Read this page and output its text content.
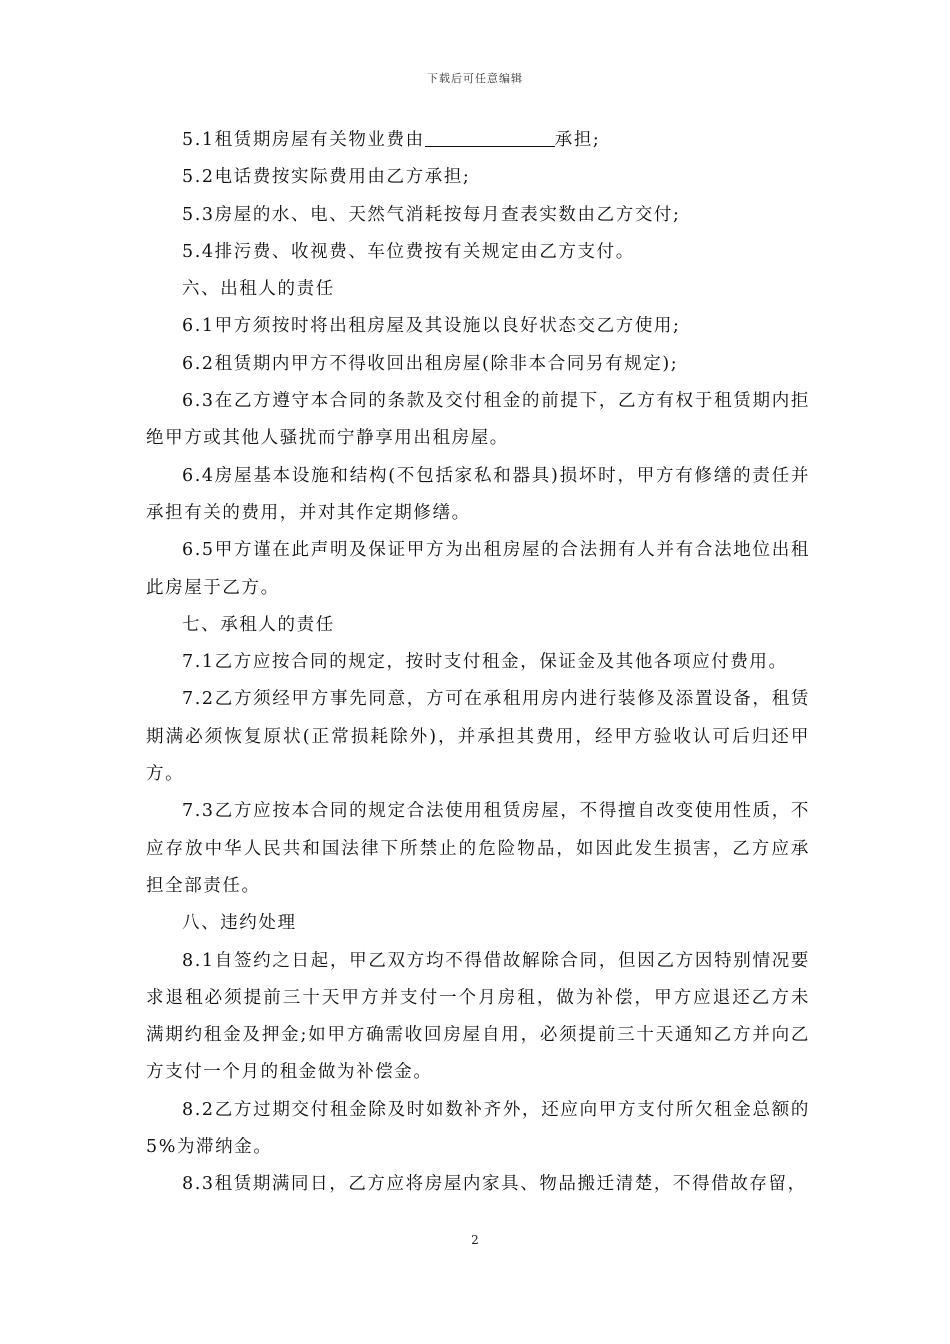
下载后可任意编辑

5.1租赁期房屋有关物业费由	承担;

5.2电话费按实际费用由乙方承担;

5.3房屋的水、电、天然气消耗按每月查表实数由乙方交付;

5.4排污费、收视费、车位费按有关规定由乙方支付。

六、出租人的责任

6.1甲方须按时将出租房屋及其设施以良好状态交乙方使用;

6.2租赁期内甲方不得收回出租房屋(除非本合同另有规定);

6.3在乙方遵守本合同的条款及交付租金的前提下，乙方有权于租赁期内拒绝甲方或其他人骚扰而宁静享用出租房屋。

6.4房屋基本设施和结构(不包括家私和器具)损坏时，甲方有修缮的责任并承担有关的费用，并对其作定期修缮。

6.5甲方谨在此声明及保证甲方为出租房屋的合法拥有人并有合法地位出租此房屋于乙方。

七、承租人的责任

7.1乙方应按合同的规定，按时支付租金，保证金及其他各项应付费用。

7.2乙方须经甲方事先同意，方可在承租用房内进行装修及添置设备，租赁期满必须恢复原状(正常损耗除外)，并承担其费用，经甲方验收认可后归还甲方。

7.3乙方应按本合同的规定合法使用租赁房屋，不得擅自改变使用性质，不应存放中华人民共和国法律下所禁止的危险物品，如因此发生损害，乙方应承担全部责任。

八、违约处理

8.1自签约之日起，甲乙双方均不得借故解除合同，但因乙方因特别情况要求退租必须提前三十天甲方并支付一个月房租，做为补偿，甲方应退还乙方未满期约租金及押金;如甲方确需收回房屋自用，必须提前三十天通知乙方并向乙方支付一个月的租金做为补偿金。

8.2乙方过期交付租金除及时如数补齐外，还应向甲方支付所欠租金总额的5%为滞纳金。

8.3租赁期满同日，乙方应将房屋内家具、物品搬迁清楚，不得借故存留，

2
